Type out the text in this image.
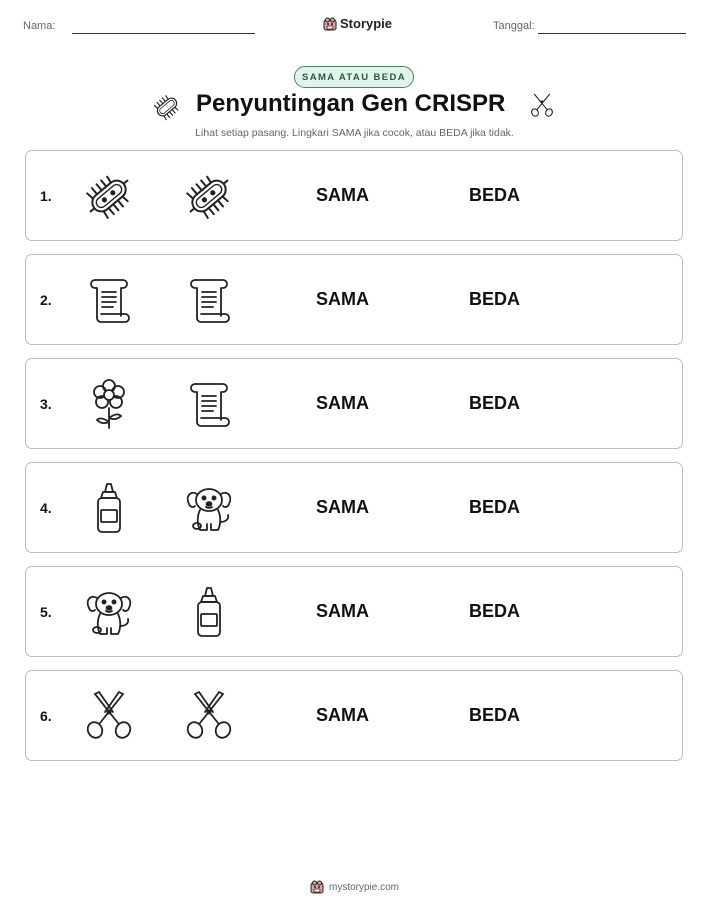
Nama:	Storypie	Tanggal:
SAMA ATAU BEDA
Penyuntingan Gen CRISPR
Lihat setiap pasang. Lingkari SAMA jika cocok, atau BEDA jika tidak.
1.	SAMA	BEDA
2.	SAMA	BEDA
3.	SAMA	BEDA
4.	SAMA	BEDA
5.	SAMA	BEDA
6.	SAMA	BEDA
mystorypie.com
